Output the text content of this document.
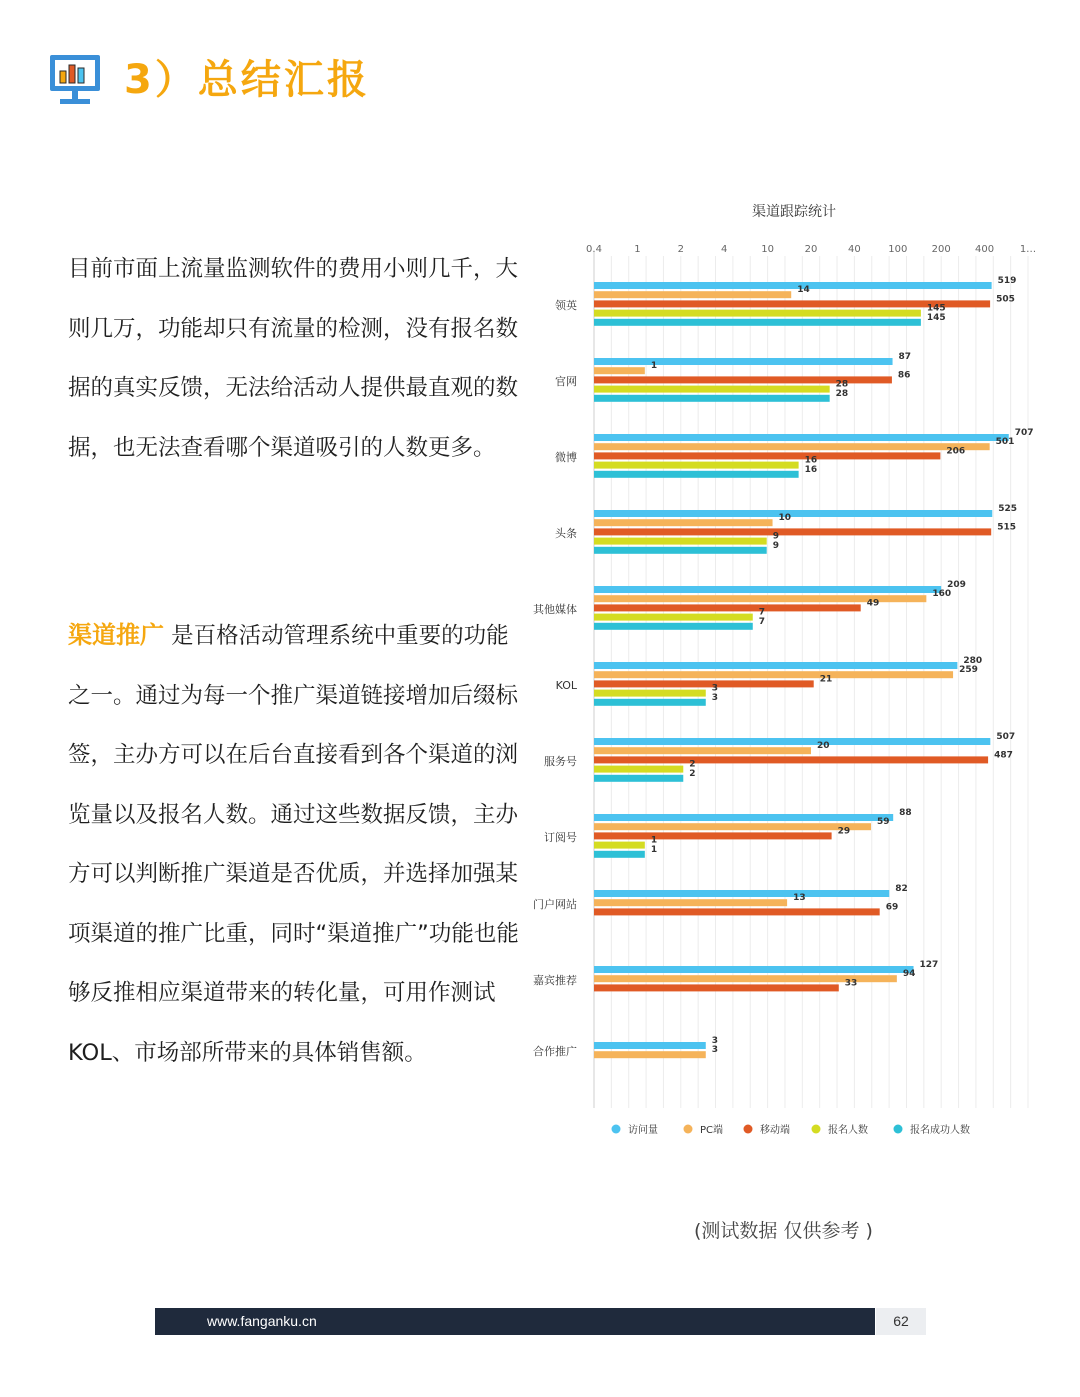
3）总结汇报
目前市面上流量监测软件的费用小则几千，大则几万，功能却只有流量的检测，没有报名数据的真实反馈，无法给活动人提供最直观的数据，也无法查看哪个渠道吸引的人数更多。
渠道推广 是百格活动管理系统中重要的功能之一。通过为每一个推广渠道链接增加后缀标签，主办方可以在后台直接看到各个渠道的浏览量以及报名人数。通过这些数据反馈，主办方可以判断推广渠道是否优质，并选择加强某项渠道的推广比重，同时“渠道推广”功能也能够反推相应渠道带来的转化量，可用作测试KOL、市场部所带来的具体销售额。
渠道跟踪统计
0.4	1	2	4	10	20	40	100 200 400	1…
领英
519
14
505
145
145
官网
87
1
86
28
28
微博
707
501
206
16
16
头条
525
10
515
9
9
其他媒体
209
160
49
7
7
KOL
280
259
21
3
3
服务号
507
20
487
2
2
订阅号
88
59
29
1
1
门户网站
82
13
69
嘉宾推荐
127
94
33
合作推广
3
3
访问量	PC端	移动端	报名人数	报名成功人数
(测试数据 仅供参考 )
www.fanganku.cn	62
